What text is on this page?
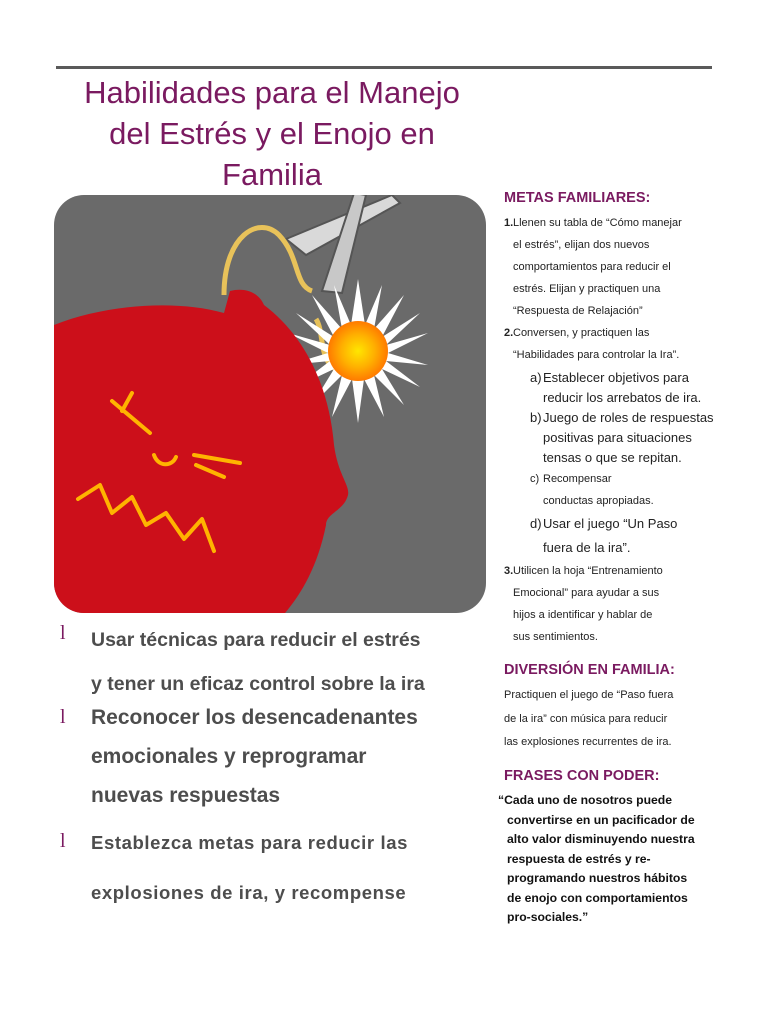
Habilidades para el Manejo
del Estrés y el Enojo en
Familia
l Usar técnicas para reducir el estrés
y tener un eficaz control sobre la ira
l Reconocer los desencadenantes
emocionales y reprogramar
nuevas respuestas
l Establezca metas para reducir las
explosiones de ira, y recompense
METAS FAMILIARES:
1. Llenen su tabla de “Cómo manejar
el estrés”, elijan dos nuevos
comportamientos para reducir el
estrés. Elijan y practiquen una
“Respuesta de Relajación”
2. Conversen, y practiquen las
“Habilidades para controlar la Ira”.
a) Establecer objetivos para
reducir los arrebatos de ira.
b) Juego de roles de respuestas
positivas para situaciones
tensas o que se repitan.
c) Recompensar
conductas apropiadas.
d) Usar el juego “Un Paso
fuera de la ira”.
3. Utilicen la hoja “Entrenamiento
Emocional” para ayudar a sus
hijos a identificar y hablar de
sus sentimientos.
DIVERSIÓN EN FAMILIA:
Practiquen el juego de “Paso fuera
de la ira” con música para reducir
las explosiones recurrentes de ira.
FRASES CON PODER:
“Cada uno de nosotros puede
convertirse en un pacificador de
alto valor disminuyendo nuestra
respuesta de estrés y re-
programando nuestros hábitos
de enojo con comportamientos
pro-sociales.”
